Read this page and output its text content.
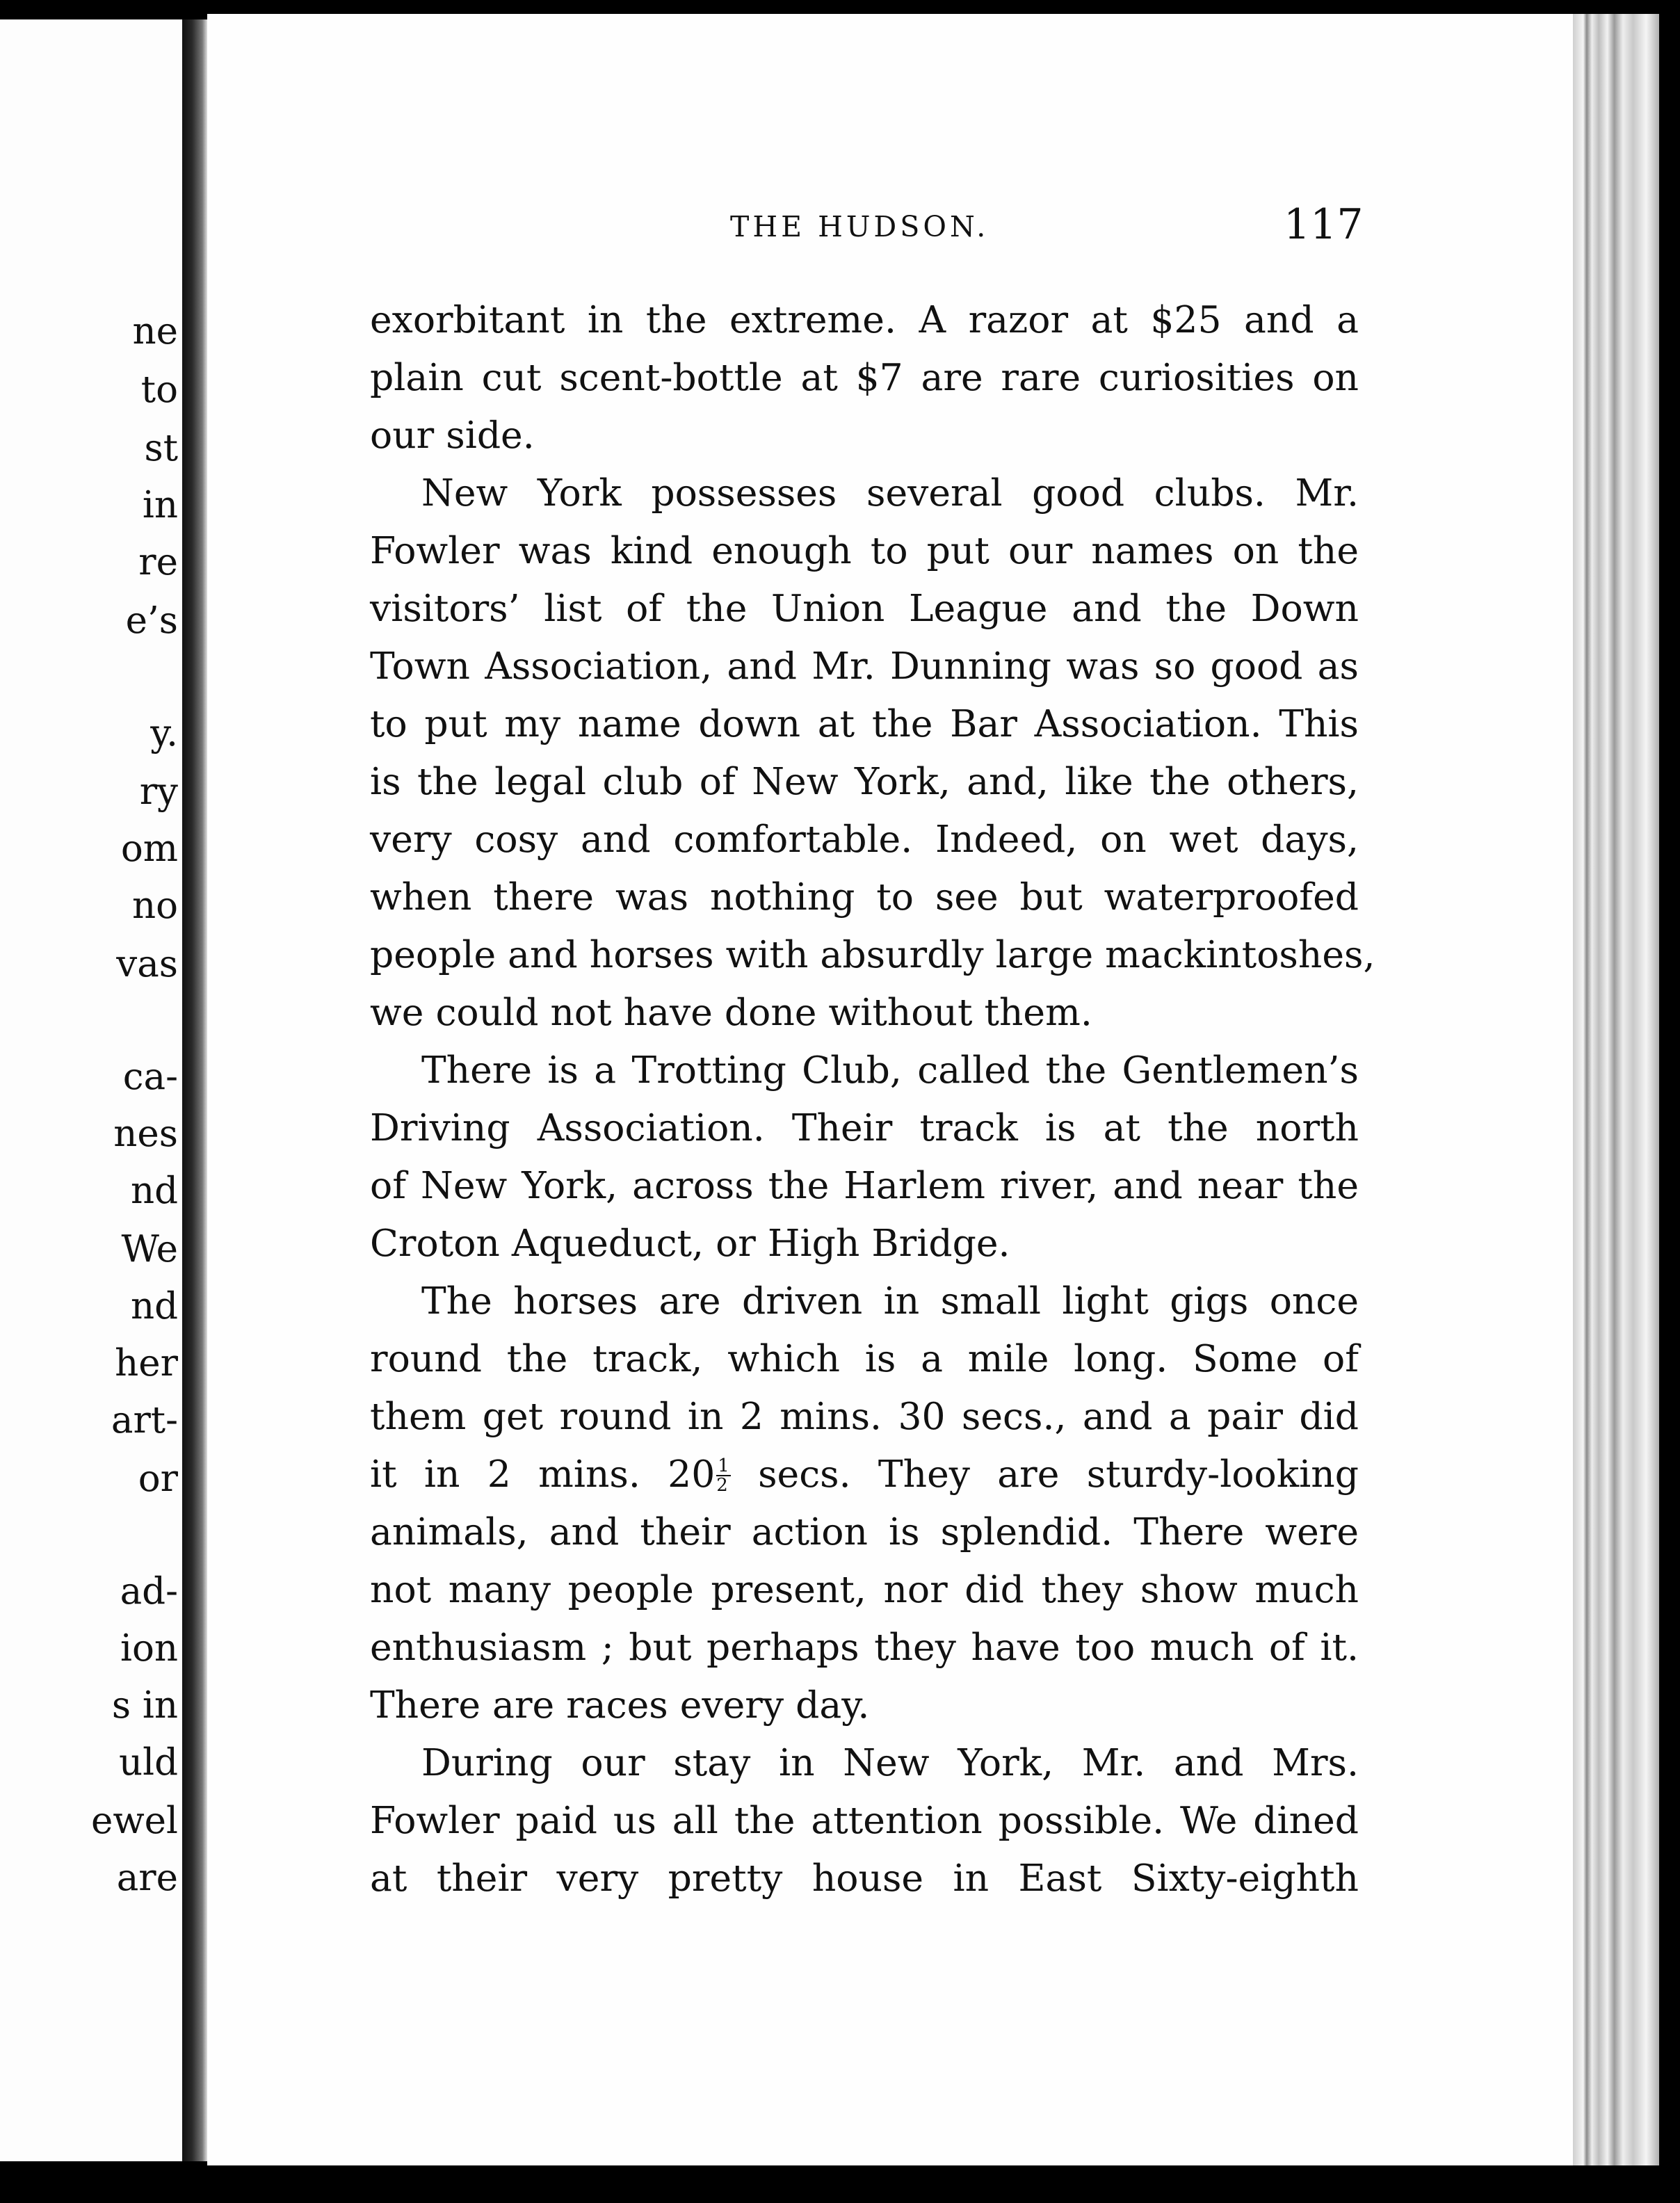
ne
to
st
in
re
e’s
y.
ry
om
no
vas
ca-
nes
nd
We
nd
her
art-
or
ad-
ion
s in
uld
ewel
are
THE HUDSON.	117
exorbitant in the extreme. A razor at $25 and a
plain cut scent-bottle at $7 are rare curiosities on
our side.
New York possesses several good clubs. Mr.
Fowler was kind enough to put our names on the
visitors’ list of the Union League and the Down
Town Association, and Mr. Dunning was so good as
to put my name down at the Bar Association. This
is the legal club of New York, and, like the others,
very cosy and comfortable. Indeed, on wet days,
when there was nothing to see but waterproofed
people and horses with absurdly large mackintoshes,
we could not have done without them.
There is a Trotting Club, called the Gentlemen’s
Driving Association. Their track is at the north
of New York, across the Harlem river, and near the
Croton Aqueduct, or High Bridge.
The horses are driven in small light gigs once
round the track, which is a mile long. Some of
them get round in 2 mins. 30 secs., and a pair did
it in 2 mins. $20 \frac{1}{2} \sec s$. They are sturdy-looking
animals, and their action is splendid. There were
not many people present, nor did they show much
enthusiasm ; but perhaps they have too much of it.
There are races every day.
During our stay in New York, Mr. and Mrs.
Fowler paid us all the attention possible. We dined
at their very pretty house in East Sixty-eighth
